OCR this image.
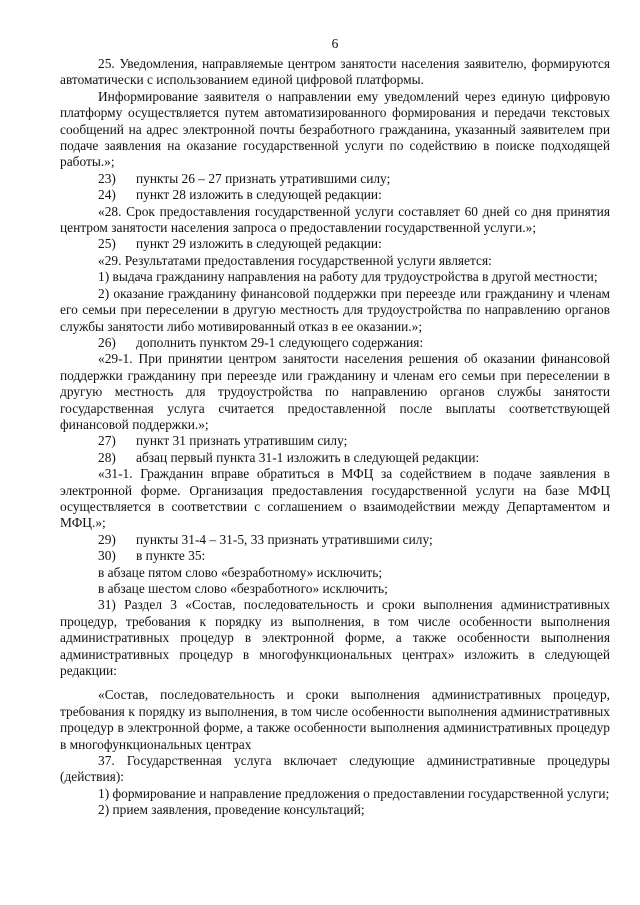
6

25. Уведомления, направляемые центром занятости населения заявителю, формируются автоматически с использованием единой цифровой платформы.

Информирование заявителя о направлении ему уведомлений через единую цифровую платформу осуществляется путем автоматизированного формирования и передачи текстовых сообщений на адрес электронной почты безработного гражданина, указанный заявителем при подаче заявления на оказание государственной услуги по содействию в поиске подходящей работы.»;

23) пункты 26 – 27 признать утратившими силу;
24) пункт 28 изложить в следующей редакции:

«28. Срок предоставления государственной услуги составляет 60 дней со дня принятия центром занятости населения запроса о предоставлении государственной услуги.»;

25) пункт 29 изложить в следующей редакции:

«29. Результатами предоставления государственной услуги является:

1) выдача гражданину направления на работу для трудоустройства в другой местности;

2) оказание гражданину финансовой поддержки при переезде или гражданину и членам его семьи при переселении в другую местность для трудоустройства по направлению органов службы занятости либо мотивированный отказ в ее оказании.»;

26) дополнить пунктом 29-1 следующего содержания:

«29-1. При принятии центром занятости населения решения об оказании финансовой поддержки гражданину при переезде или гражданину и членам его семьи при переселении в другую местность для трудоустройства по направлению органов службы занятости государственная услуга считается предоставленной после выплаты соответствующей финансовой поддержки.»;

27) пункт 31 признать утратившим силу;
28) абзац первый пункта 31-1 изложить в следующей редакции:

«31-1. Гражданин вправе обратиться в МФЦ за содействием в подаче заявления в электронной форме. Организация предоставления государственной услуги на базе МФЦ осуществляется в соответствии с соглашением о взаимодействии между Департаментом и МФЦ.»;

29) пункты 31-4 – 31-5, 33 признать утратившими силу;
30) в пункте 35:

в абзаце пятом слово «безработному» исключить;

в абзаце шестом слово «безработного» исключить;

31) Раздел 3 «Состав, последовательность и сроки выполнения административных процедур, требования к порядку из выполнения, в том числе особенности выполнения административных процедур в электронной форме, а также особенности выполнения административных процедур в многофункциональных центрах» изложить в следующей редакции:

«Состав, последовательность и сроки выполнения административных процедур, требования к порядку из выполнения, в том числе особенности выполнения административных процедур в электронной форме, а также особенности выполнения административных процедур в многофункциональных центрах

37. Государственная услуга включает следующие административные процедуры (действия):

1) формирование и направление предложения о предоставлении государственной услуги;

2) прием заявления, проведение консультаций;
